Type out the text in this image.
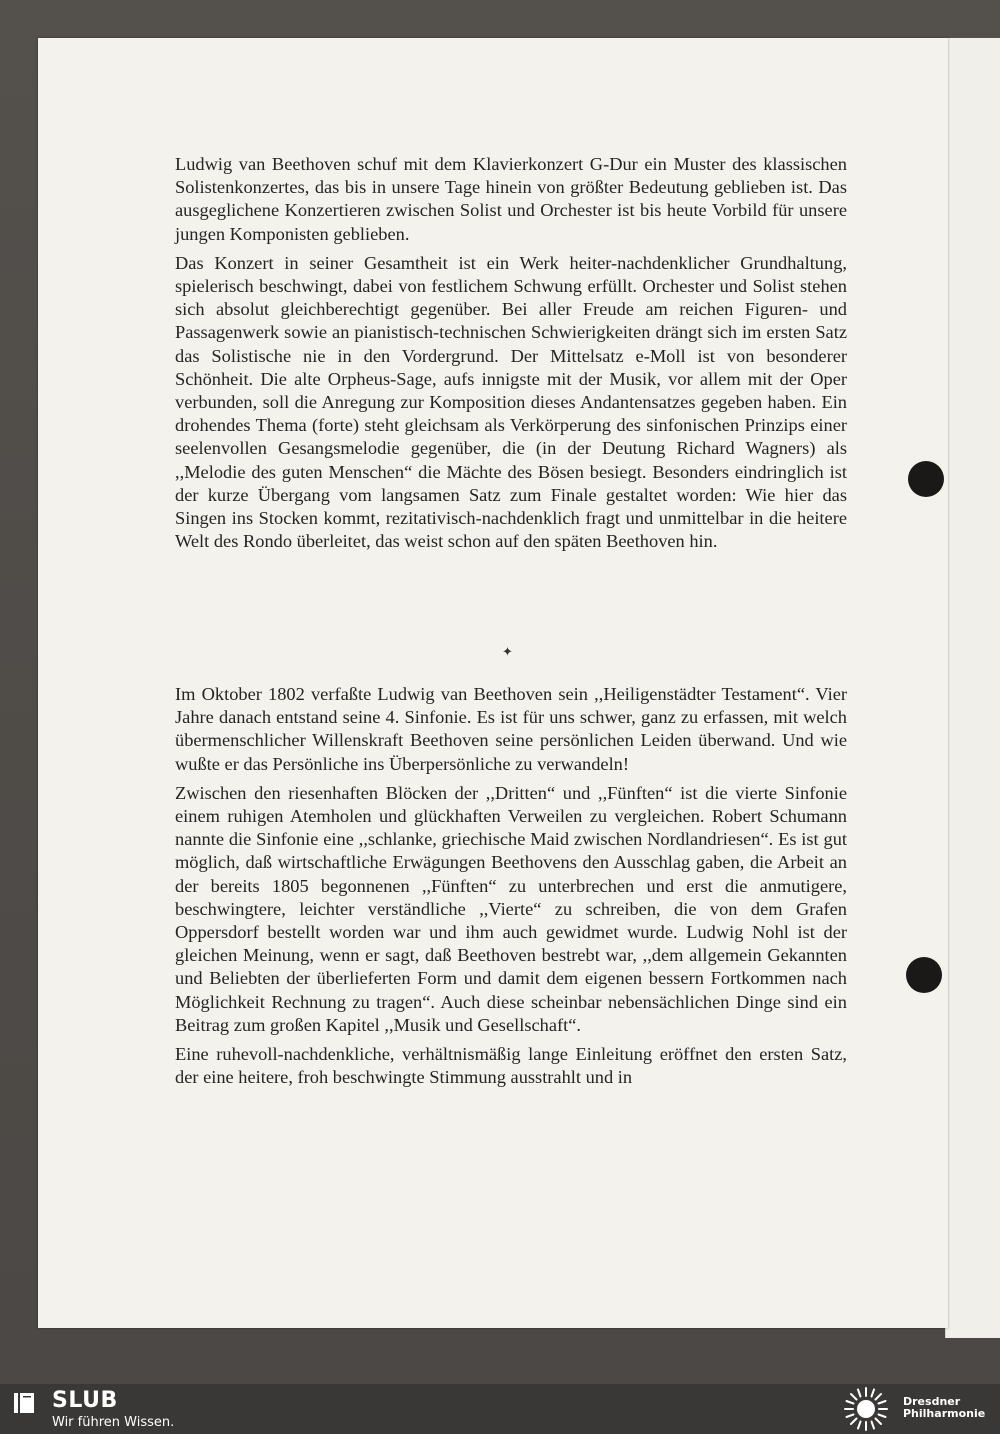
Ludwig van Beethoven schuf mit dem Klavierkonzert G-Dur ein Muster des klassischen Solistenkonzertes, das bis in unsere Tage hinein von größter Bedeutung geblieben ist. Das ausgeglichene Konzertieren zwischen Solist und Orchester ist bis heute Vorbild für unsere jungen Komponisten geblieben.

Das Konzert in seiner Gesamtheit ist ein Werk heiter-nachdenklicher Grundhaltung, spielerisch beschwingt, dabei von festlichem Schwung erfüllt. Orchester und Solist stehen sich absolut gleichberechtigt gegenüber. Bei aller Freude am reichen Figuren- und Passagenwerk sowie an pianistisch-technischen Schwierigkeiten drängt sich im ersten Satz das Solistische nie in den Vordergrund. Der Mittelsatz e-Moll ist von besonderer Schönheit. Die alte Orpheus-Sage, aufs innigste mit der Musik, vor allem mit der Oper verbunden, soll die Anregung zur Komposition dieses Andantensatzes gegeben haben. Ein drohendes Thema (forte) steht gleichsam als Verkörperung des sinfonischen Prinzips einer seelenvollen Gesangsmelodie gegenüber, die (in der Deutung Richard Wagners) als ,,Melodie des guten Menschen“ die Mächte des Bösen besiegt. Besonders eindringlich ist der kurze Übergang vom langsamen Satz zum Finale gestaltet worden: Wie hier das Singen ins Stocken kommt, rezitativisch-nachdenklich fragt und unmittelbar in die heitere Welt des Rondo überleitet, das weist schon auf den späten Beethoven hin.

✦

Im Oktober 1802 verfaßte Ludwig van Beethoven sein ,,Heiligenstädter Testament“. Vier Jahre danach entstand seine 4. Sinfonie. Es ist für uns schwer, ganz zu erfassen, mit welch übermenschlicher Willenskraft Beethoven seine persönlichen Leiden überwand. Und wie wußte er das Persönliche ins Überpersönliche zu verwandeln!

Zwischen den riesenhaften Blöcken der ,,Dritten“ und ,,Fünften“ ist die vierte Sinfonie einem ruhigen Atemholen und glückhaften Verweilen zu vergleichen. Robert Schumann nannte die Sinfonie eine ,,schlanke, griechische Maid zwischen Nordlandriesen“. Es ist gut möglich, daß wirtschaftliche Erwägungen Beethovens den Ausschlag gaben, die Arbeit an der bereits 1805 begonnenen ,,Fünften“ zu unterbrechen und erst die anmutigere, beschwingtere, leichter verständliche ,,Vierte“ zu schreiben, die von dem Grafen Oppersdorf bestellt worden war und ihm auch gewidmet wurde. Ludwig Nohl ist der gleichen Meinung, wenn er sagt, daß Beethoven bestrebt war, ,,dem allgemein Gekannten und Beliebten der überlieferten Form und damit dem eigenen bessern Fortkommen nach Möglichkeit Rechnung zu tragen“. Auch diese scheinbar nebensächlichen Dinge sind ein Beitrag zum großen Kapitel ,,Musik und Gesellschaft“.

Eine ruhevoll-nachdenkliche, verhältnismäßig lange Einleitung eröffnet den ersten Satz, der eine heitere, froh beschwingte Stimmung ausstrahlt und in

SLUB
Wir führen Wissen.
Dresdner
Philharmonie
